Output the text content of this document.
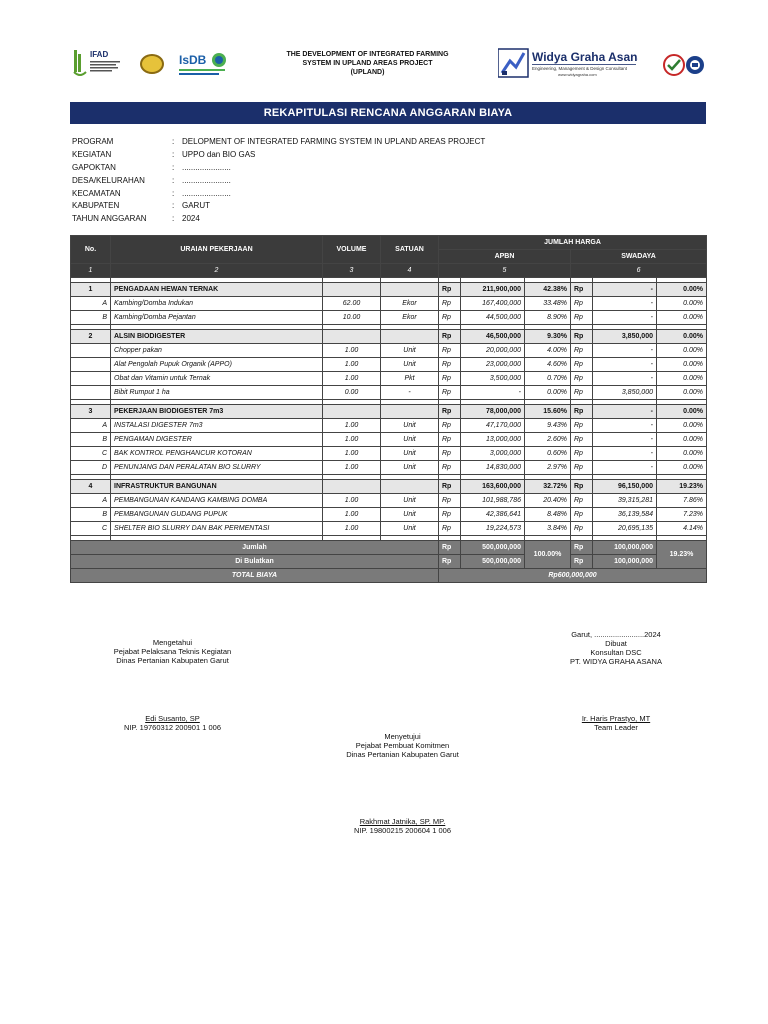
IFAD	IsDB	THE DEVELOPMENT OF INTEGRATED FARMING
SYSTEM IN UPLAND AREAS PROJECT
(UPLAND)
Widya Graha Asana
Engineering, Management & Design Consultant
www.widyagraha.com
REKAPITULASI RENCANA ANGGARAN BIAYA
PROGRAM	: DELOPMENT OF INTEGRATED FARMING SYSTEM IN UPLAND AREAS PROJECT
KEGIATAN	: UPPO dan BIO GAS
GAPOKTAN	: ......................
DESA/KELURAHAN	: ......................
KECAMATAN	: ......................
KABUPATEN	: GARUT
TAHUN ANGGARAN	: 2024
No.	URAIAN PEKERJAAN	VOLUME	SATUAN	JUMLAH HARGA					
				APBN			SWADAYA		
1	2	3	4	5			6		

1	PENGADAAN HEWAN TERNAK			Rp	211,900,000	42.38%	Rp	-	0.00%
A	Kambing/Domba Indukan	62.00	Ekor	Rp	167,400,000	33.48%	Rp	-	0.00%
B	Kambing/Domba Pejantan	10.00	Ekor	Rp	44,500,000	8.90%	Rp	-	0.00%

2	ALSIN BIODIGESTER			Rp	46,500,000	9.30%	Rp	3,850,000	0.00%
	Chopper pakan	1.00	Unit	Rp	20,000,000	4.00%	Rp	-	0.00%
	Alat Pengolah Pupuk Organik (APPO)	1.00	Unit	Rp	23,000,000	4.60%	Rp	-	0.00%
	Obat dan Vitamin untuk Ternak	1.00	Pkt	Rp	3,500,000	0.70%	Rp	-	0.00%
	Bibit Rumput 1 ha	0.00	-	Rp	-	0.00%	Rp	3,850,000	0.00%

3	PEKERJAAN BIODIGESTER 7m3			Rp	78,000,000	15.60%	Rp	-	0.00%
A	INSTALASI DIGESTER 7m3	1.00	Unit	Rp	47,170,000	9.43%	Rp	-	0.00%
B	PENGAMAN DIGESTER	1.00	Unit	Rp	13,000,000	2.60%	Rp	-	0.00%
C	BAK KONTROL PENGHANCUR KOTORAN	1.00	Unit	Rp	3,000,000	0.60%	Rp	-	0.00%
D	PENUNJANG DAN PERALATAN BIO SLURRY	1.00	Unit	Rp	14,830,000	2.97%	Rp	-	0.00%

4	INFRASTRUKTUR BANGUNAN			Rp	163,600,000	32.72%	Rp	96,150,000	19.23%
A	PEMBANGUNAN KANDANG KAMBING DOMBA	1.00	Unit	Rp	101,988,786	20.40%	Rp	39,315,281	7.86%
B	PEMBANGUNAN GUDANG PUPUK	1.00	Unit	Rp	42,386,641	8.48%	Rp	36,139,584	7.23%
C	SHELTER BIO SLURRY DAN BAK PERMENTASI	1.00	Unit	Rp	19,224,573	3.84%	Rp	20,695,135	4.14%

Jumlah				Rp	500,000,000	100.00%	Rp	100,000,000	19.23%
Di Bulatkan				Rp	500,000,000		Rp	100,000,000	
TOTAL BIAYA				Rp600,000,000					
Mengetahui
Pejabat Pelaksana Teknis Kegiatan
Dinas Pertanian Kabupaten Garut
Edi Susanto, SP
NIP. 19760312 200901 1 006
Garut, ........................2024
Dibuat
Konsultan DSC
PT. WIDYA GRAHA ASANA
Ir. Haris Prastyo, MT
Team Leader
Menyetujui
Pejabat Pembuat Komitmen
Dinas Pertanian Kabupaten Garut
Rakhmat Jatnika, SP. MP.
NIP. 19800215 200604 1 006
